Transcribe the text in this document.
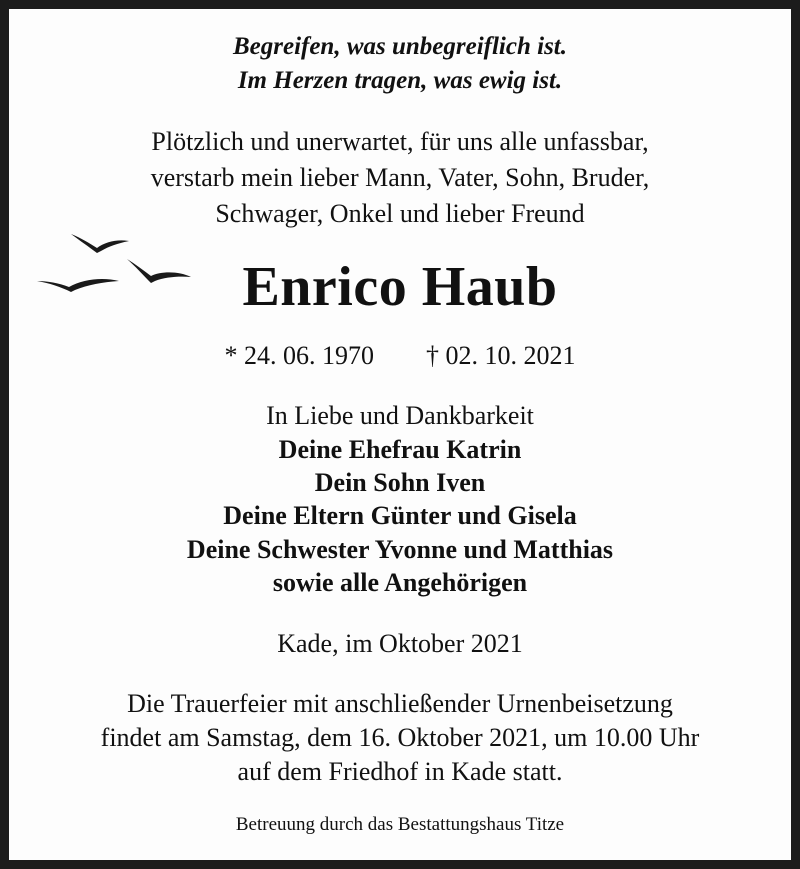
Begreifen, was unbegreiflich ist.
Im Herzen tragen, was ewig ist.
Plötzlich und unerwartet, für uns alle unfassbar,
verstarb mein lieber Mann, Vater, Sohn, Bruder,
Schwager, Onkel und lieber Freund
Enrico Haub
* 24. 06. 1970 † 02. 10. 2021
In Liebe und Dankbarkeit
Deine Ehefrau Katrin
Dein Sohn Iven
Deine Eltern Günter und Gisela
Deine Schwester Yvonne und Matthias
sowie alle Angehörigen
Kade, im Oktober 2021
Die Trauerfeier mit anschließender Urnenbeisetzung
findet am Samstag, dem 16. Oktober 2021, um 10.00 Uhr
auf dem Friedhof in Kade statt.
Betreuung durch das Bestattungshaus Titze
